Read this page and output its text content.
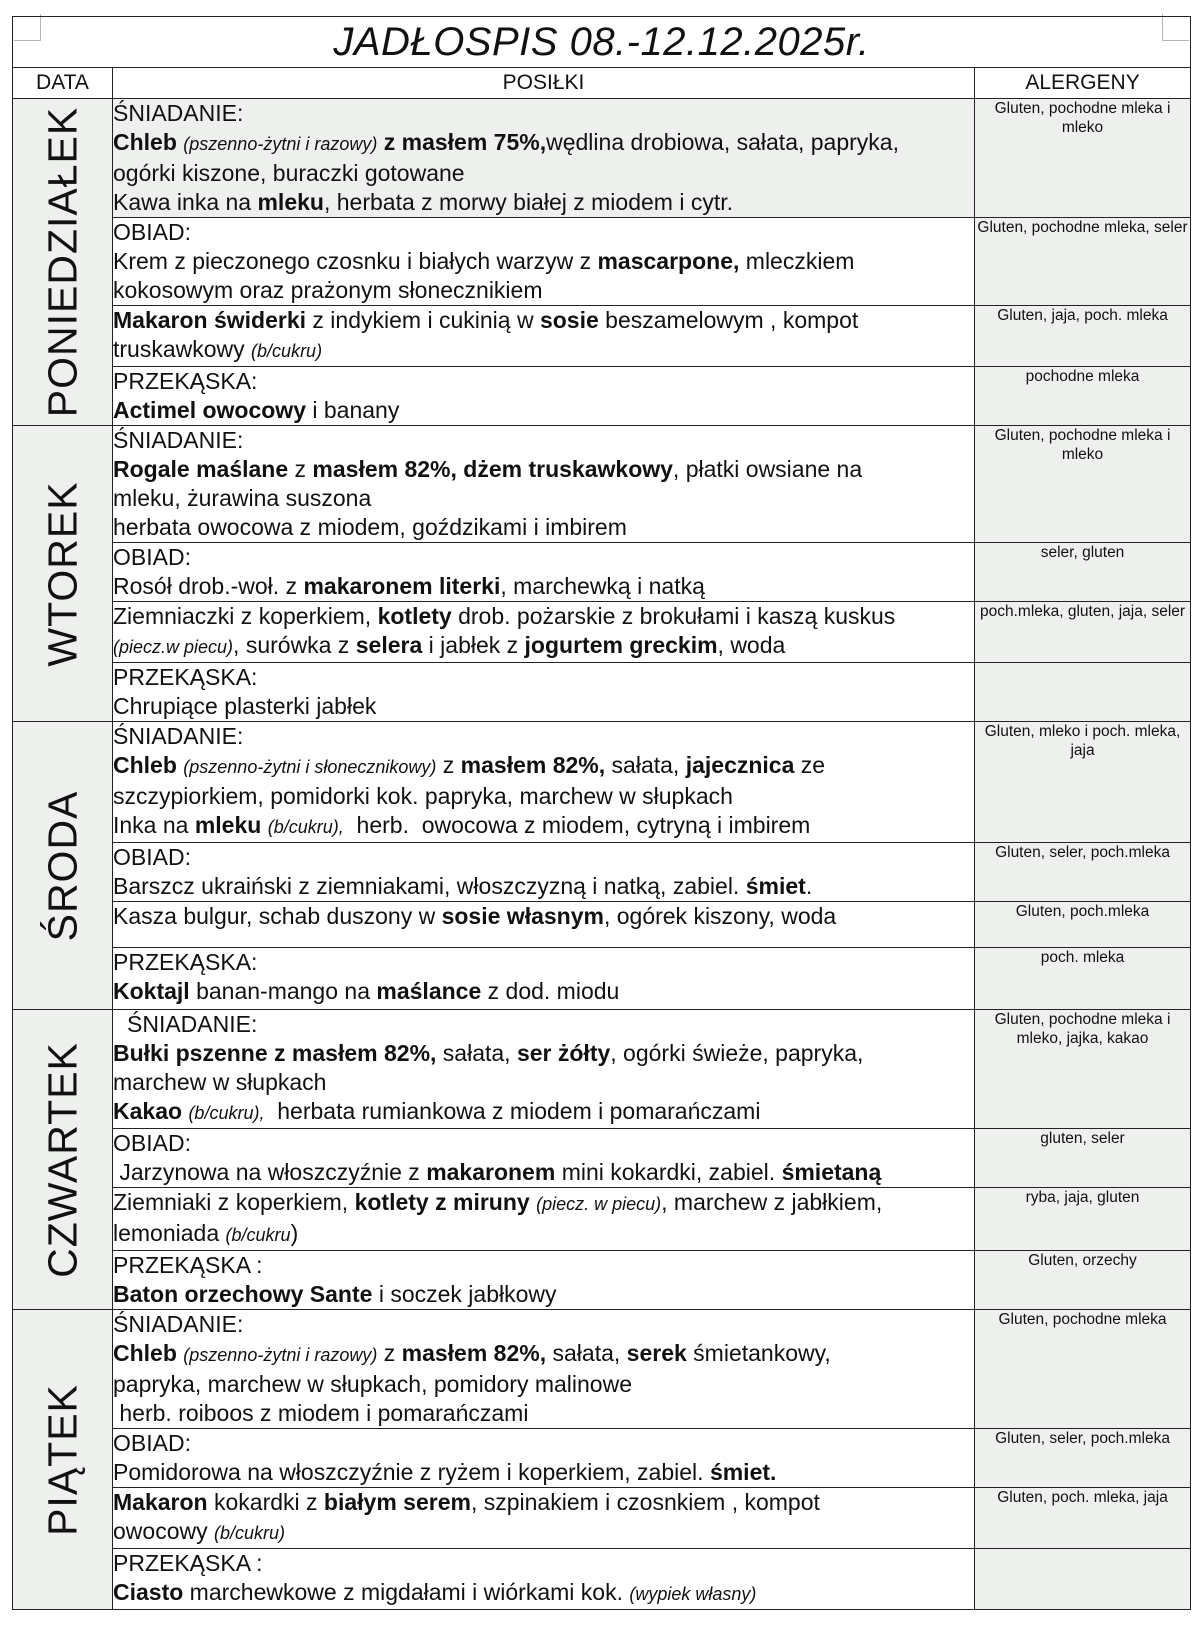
JADŁOSPIS 08.-12.12.2025r.		
DATA	POSIŁKI	ALERGENY

PONIEDZIAŁEK	ŚNIADANIE:
Chleb (pszenno-żytni i razowy) z masłem 75%,wędlina drobiowa, sałata, papryka,
ogórki kiszone, buraczki gotowane
Kawa inka na mleku, herbata z morwy białej z miodem i cytr.	Gluten, pochodne mleka i mleko

	OBIAD:
Krem z pieczonego czosnku i białych warzyw z mascarpone, mleczkiem
kokosowym oraz prażonym słonecznikiem	Gluten, pochodne mleka, seler

	Makaron świderki z indykiem i cukinią w sosie beszamelowym , kompot
truskawkowy (b/cukru)	Gluten, jaja, poch. mleka

	PRZEKĄSKA:
Actimel owocowy i banany	pochodne mleka

WTOREK	ŚNIADANIE:
Rogale maślane z masłem 82%, dżem truskawkowy, płatki owsiane na
mleku, żurawina suszona
herbata owocowa z miodem, goździkami i imbirem	Gluten, pochodne mleka i mleko

	OBIAD:
Rosół drob.-woł. z makaronem literki, marchewką i natką	seler, gluten

	Ziemniaczki z koperkiem, kotlety drob. pożarskie z brokułami i kaszą kuskus
(piecz.w piecu), surówka z selera i jabłek z jogurtem greckim, woda	poch.mleka, gluten, jaja, seler

	PRZEKĄSKA:
Chrupiące plasterki jabłek	

ŚRODA	ŚNIADANIE:
Chleb (pszenno-żytni i słonecznikowy) z masłem 82%, sałata, jajecznica ze
szczypiorkiem, pomidorki kok. papryka, marchew w słupkach
Inka na mleku (b/cukru),  herb.  owocowa z miodem, cytryną i imbirem	Gluten, mleko i poch. mleka, jaja

	OBIAD:
Barszcz ukraiński z ziemniakami, włoszczyzną i natką, zabiel. śmiet.	Gluten, seler, poch.mleka

	Kasza bulgur, schab duszony w sosie własnym, ogórek kiszony, woda	Gluten, poch.mleka

	PRZEKĄSKA:
Koktajl banan-mango na maślance z dod. miodu	poch. mleka

CZWARTEK	ŚNIADANIE:
Bułki pszenne z masłem 82%, sałata, ser żółty, ogórki świeże, papryka,
marchew w słupkach
Kakao (b/cukru),  herbata rumiankowa z miodem i pomarańczami	Gluten, pochodne mleka i mleko, jajka, kakao

	OBIAD:
Jarzynowa na włoszczyźnie z makaronem mini kokardki, zabiel. śmietaną	gluten, seler

	Ziemniaki z koperkiem, kotlety z miruny (piecz. w piecu), marchew z jabłkiem,
lemoniada (b/cukru)	ryba, jaja, gluten

	PRZEKĄSKA :
Baton orzechowy Sante i soczek jabłkowy	Gluten, orzechy

PIĄTEK	ŚNIADANIE:
Chleb (pszenno-żytni i razowy) z masłem 82%, sałata, serek śmietankowy,
papryka, marchew w słupkach, pomidory malinowe
herb. roiboos z miodem i pomarańczami	Gluten, pochodne mleka

	OBIAD:
Pomidorowa na włoszczyźnie z ryżem i koperkiem, zabiel. śmiet.	Gluten, seler, poch.mleka

	Makaron kokardki z białym serem, szpinakiem i czosnkiem , kompot
owocowy (b/cukru)	Gluten, poch. mleka, jaja

	PRZEKĄSKA :
Ciasto marchewkowe z migdałami i wiórkami kok. (wypiek własny)	
